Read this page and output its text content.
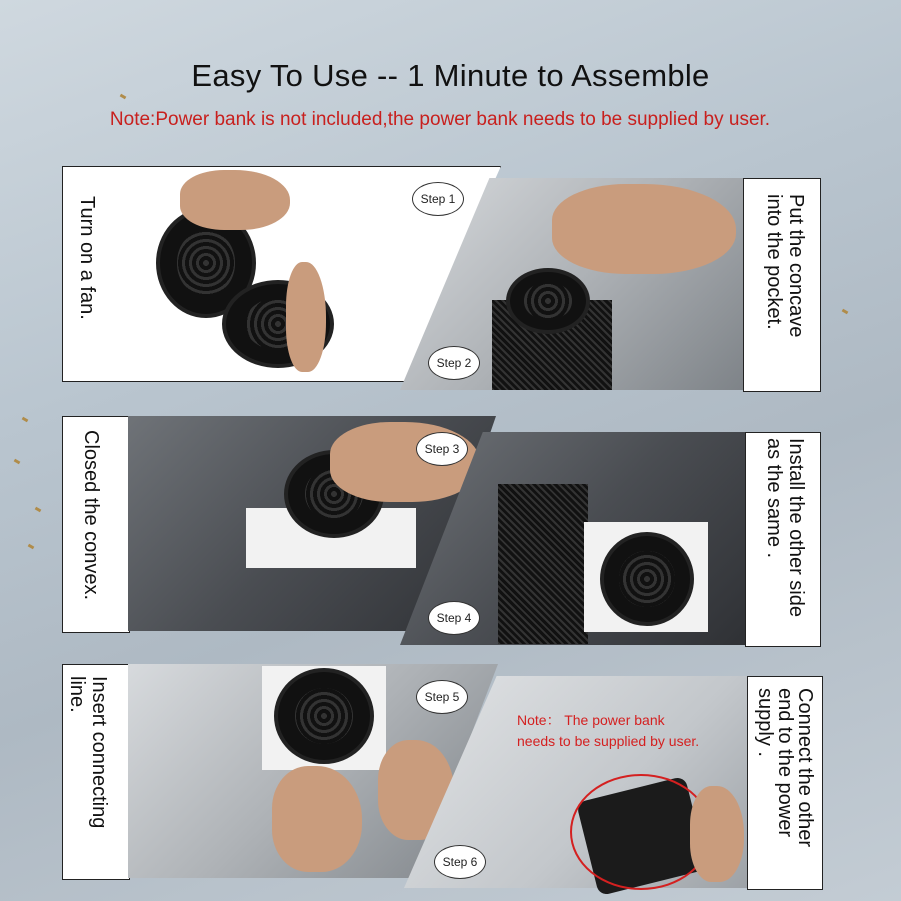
Easy To Use -- 1 Minute to Assemble
Note:Power bank is not included,the power bank needs to be supplied by user.
Turn on a fan.	Step 1	Put the concave
into the pocket.
Step 2
Closed the convex.	Step 3	Install the other side
as the same .
Step 4
Insert connecting
line.	Step 5
Note： The power bank
needs to be supplied by user.	Connect the other
end to the power
supply .
Step 6
